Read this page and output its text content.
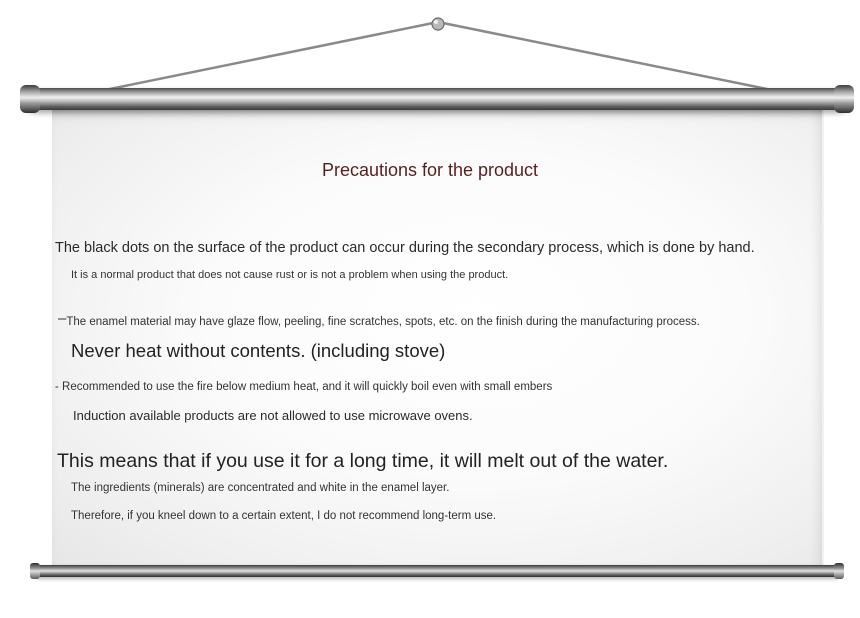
Precautions for the product
The black dots on the surface of the product can occur during the secondary process, which is done by hand.
It is a normal product that does not cause rust or is not a problem when using the product.
–The enamel material may have glaze flow, peeling, fine scratches, spots, etc. on the finish during the manufacturing process.
Never heat without contents. (including stove)
- Recommended to use the fire below medium heat, and it will quickly boil even with small embers
Induction available products are not allowed to use microwave ovens.
This means that if you use it for a long time, it will melt out of the water.
The ingredients (minerals) are concentrated and white in the enamel layer.
Therefore, if you kneel down to a certain extent, I do not recommend long-term use.
